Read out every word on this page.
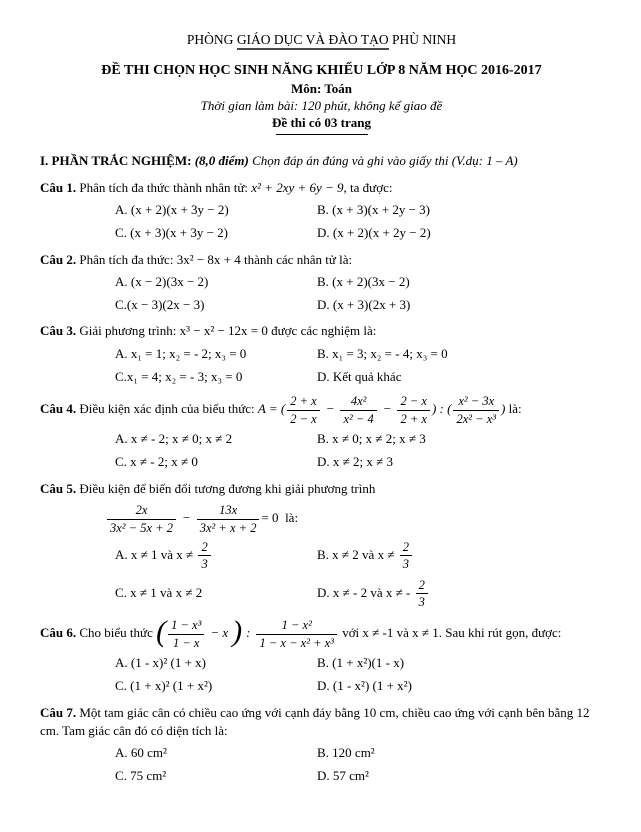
PHÒNG GIÁO DỤC VÀ ĐÀO TẠO PHÙ NINH
ĐỀ THI CHỌN HỌC SINH NĂNG KHIẾU LỚP 8 NĂM HỌC 2016-2017
Môn: Toán
Thời gian làm bài: 120 phút, không kể giao đề
Đề thi có 03 trang
I. PHẦN TRẮC NGHIỆM: (8,0 điểm) Chọn đáp án đúng và ghi vào giấy thi (V.dụ: 1 – A)

Câu 1. Phân tích đa thức thành nhân tử: x² + 2xy + 6y − 9, ta được:

A. (x + 2)(x + 3y − 2)	B. (x + 3)(x + 2y − 3)
C. (x + 3)(x + 3y − 2)	D. (x + 2)(x + 2y − 2)

Câu 2. Phân tích đa thức: 3x² − 8x + 4 thành các nhân tử là:

A. (x − 2)(3x − 2)	B. (x + 2)(3x − 2)
C.(x − 3)(2x − 3)	D. (x + 3)(2x + 3)

Câu 3. Giải phương trình: x³ − x² − 12x = 0 được các nghiệm là:

A. x₁ = 1; x₂ = - 2; x₃ = 0	B. x₁ = 3; x₂ = - 4; x₃ = 0
C.x₁ = 4; x₂ = - 3; x₃ = 0	D. Kết quả khác

Câu 4. Điều kiện xác định của biểu thức: A = ( $\frac{2 + x}{2 - x} - \frac{\text{4x²}}{\text{x² − 4}} - \frac{2 - x}{2 + x}$ ) : ( $\frac{\text{x² − 3x}}{\text{2x² − x³}}$ ) là:

A. x ≠ - 2; x ≠ 0; x ≠ 2	B. x ≠ 0; x ≠ 2; x ≠ 3
C. x ≠ - 2; x ≠ 0	D. x ≠ 2; x ≠ 3

Câu 5. Điều kiện để biến đổi tương đương khi giải phương trình

$\frac{2x}{\text{3x² − 5x + 2}} - \frac{13x}{\text{3x² + x + 2}} = 0$ là:

A. x ≠ 1 và $x \ne \frac{2}{3}$	B. x ≠ 2 và $x \ne \frac{2}{3}$
C. x ≠ 1 và x ≠ 2	D. x ≠ - 2 và x ≠ - $\frac{2}{3}$

Câu 6. Cho biểu thức ( $\frac{\text{1 − x³}}{1 - x} - x$ ) : $\frac{\text{1 − x²}}{\text{1 − x − x² + x³}}$ với x ≠ -1 và x ≠ 1. Sau khi rút gọn, được:

A. (1 - x)² (1 + x)	B. (1 + x²)(1 - x)
C. (1 + x)² (1 + x²)	D. (1 - x²) (1 + x²)

Câu 7. Một tam giác cân có chiều cao ứng với cạnh đáy bằng 10 cm, chiều cao ứng với cạnh bên bằng 12 cm. Tam giác cân đó có diện tích là:

A. 60 cm²	B. 120 cm²
C. 75 cm²	D. 57 cm²
